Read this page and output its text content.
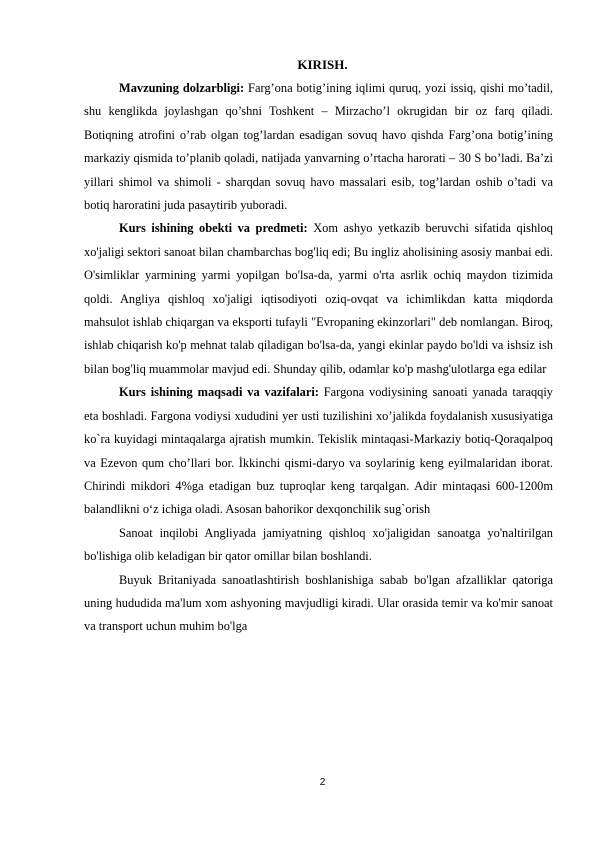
KIRISH.

Mavzuning dolzarbligi: Farg’ona botig’ining iqlimi quruq, yozi issiq, qishi mo’tadil, shu kenglikda joylashgan qo’shni Toshkent – Mirzacho’l okrugidan bir oz farq qiladi. Botiqning atrofini o’rab olgan tog’lardan esadigan sovuq havo qishda Farg’ona botig’ining markaziy qismida to’planib qoladi, natijada yanvarning o’rtacha harorati – 30 S bo’ladi. Ba’zi yillari shimol va shimoli - sharqdan sovuq havo massalari esib, tog’lardan oshib o’tadi va botiq haroratini juda pasaytirib yuboradi.

Kurs ishining obekti va predmeti: Xom ashyo yetkazib beruvchi sifatida qishloq xo'jaligi sektori sanoat bilan chambarchas bog'liq edi; Bu ingliz aholisining asosiy manbai edi. O'simliklar yarmining yarmi yopilgan bo'lsa-da, yarmi o'rta asrlik ochiq maydon tizimida qoldi. Angliya qishloq xo'jaligi iqtisodiyoti oziq-ovqat va ichimlikdan katta miqdorda mahsulot ishlab chiqargan va eksporti tufayli "Evropaning ekinzorlari" deb nomlangan. Biroq, ishlab chiqarish ko'p mehnat talab qiladigan bo'lsa-da, yangi ekinlar paydo bo'ldi va ishsiz ish bilan bog'liq muammolar mavjud edi. Shunday qilib, odamlar ko'p mashg'ulotlarga ega edilar

Kurs ishining maqsadi va vazifalari: Fargona vodiysining sanoati yanada taraqqiy eta boshladi. Fargona vodiysi xududini yer usti tuzilishini xo’jalikda foydalanish xususiyatiga ko`ra kuyidagi mintaqalarga ajratish mumkin. Tekislik mintaqasi-Markaziy botiq-Qoraqalpoq va Ezevon qum cho’llari bor. İkkinchi qismi-daryo va soylarinig keng eyilmalaridan iborat. Chirindi mikdori 4%ga etadigan buz tuproqlar keng tarqalgan. Adir mintaqasi 600-1200m balandlikni o‘z ichiga oladi. Asosan bahorikor dexqonchilik sug`orish

Sanoat inqilobi Angliyada jamiyatning qishloq xo'jaligidan sanoatga yo'naltirilgan bo'lishiga olib keladigan bir qator omillar bilan boshlandi.

Buyuk Britaniyada sanoatlashtirish boshlanishiga sabab bo'lgan afzalliklar qatoriga uning hududida ma'lum xom ashyoning mavjudligi kiradi. Ular orasida temir va ko'mir sanoat va transport uchun muhim bo'lga

2
